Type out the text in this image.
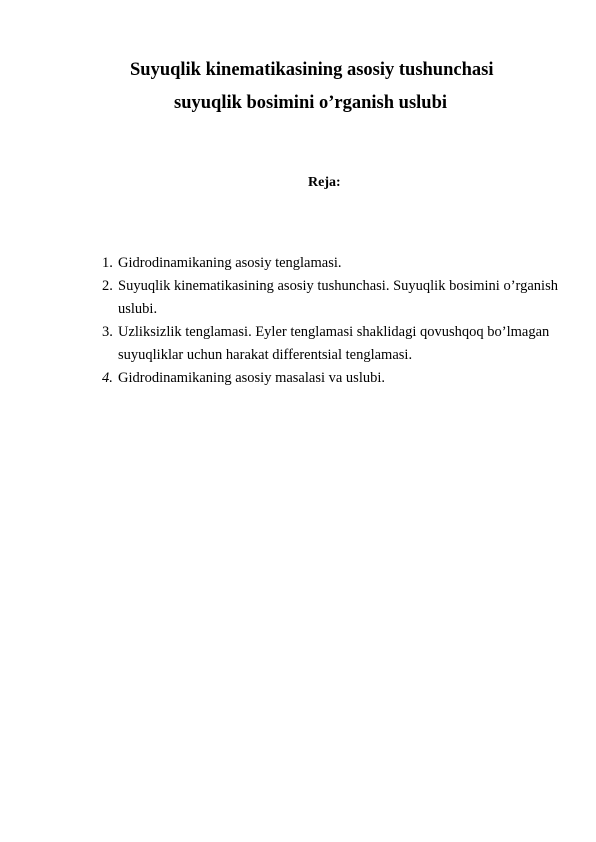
Suyuqlik kinematikasining asosiy tushunchasi
suyuqlik bosimini o’rganish uslubi
Reja:
1. Gidrodinamikaning asosiy tenglamasi.
2. Suyuqlik kinematikasining asosiy tushunchasi. Suyuqlik bosimini o’rganish uslubi.
3. Uzliksizlik tenglamasi. Eyler tenglamasi shaklidagi qovushqoq bo’lmagan suyuqliklar uchun harakat differentsial tenglamasi.
4. Gidrodinamikaning asosiy masalasi va uslubi.
